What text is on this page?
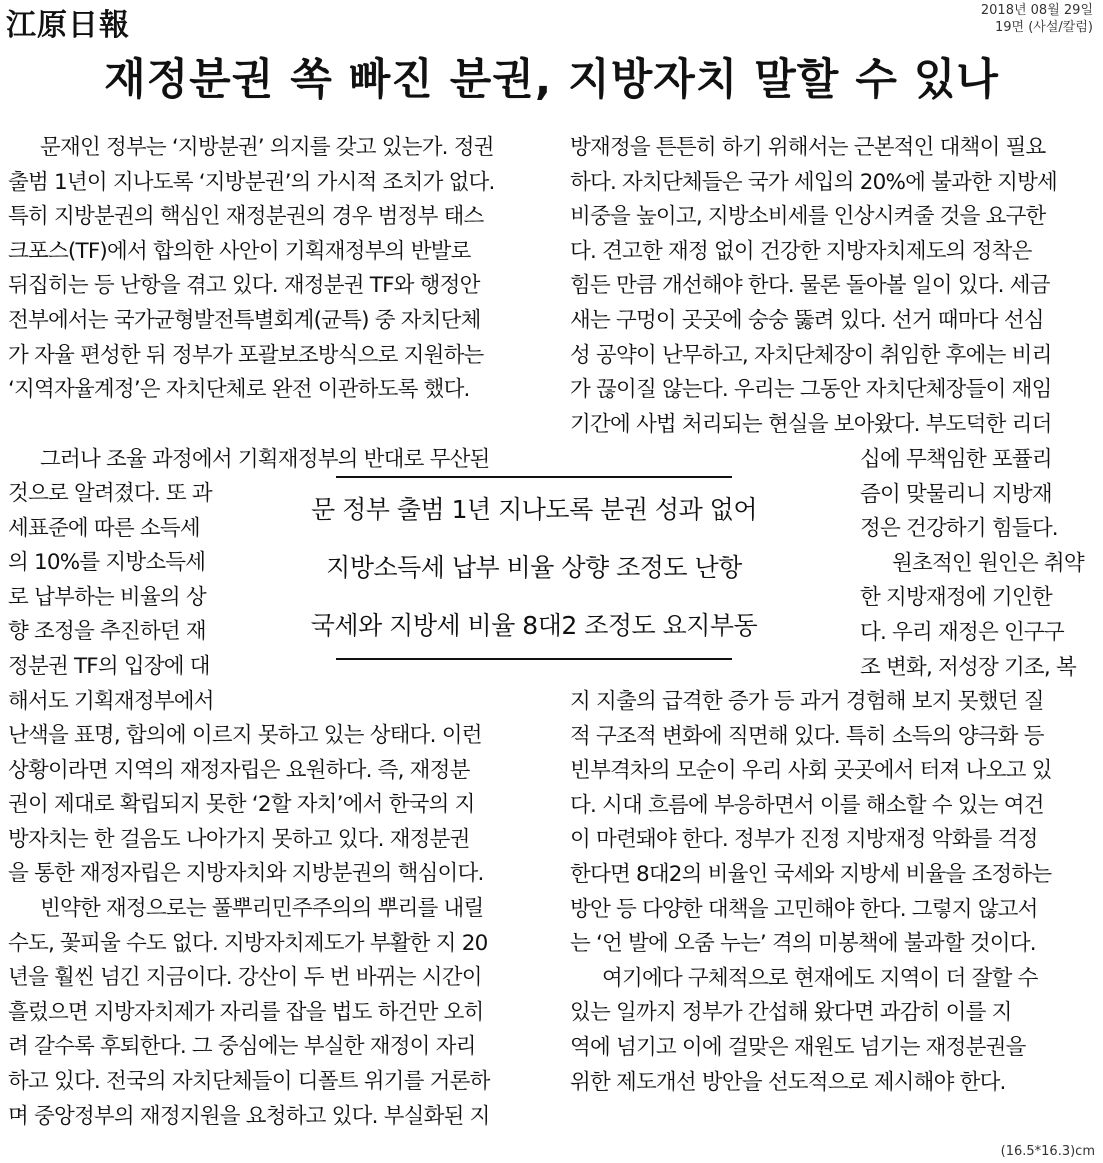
江原日報	2018년 08월 29일
19면 (사설/칼럼)
재정분권 쏙 빠진 분권, 지방자치 말할 수 있나
문재인 정부는 ‘지방분권’ 의지를 갖고 있는가. 정권
출범 1년이 지나도록 ‘지방분권’의 가시적 조치가 없다.
특히 지방분권의 핵심인 재정분권의 경우 범정부 태스
크포스(TF)에서 합의한 사안이 기획재정부의 반발로
뒤집히는 등 난항을 겪고 있다. 재정분권 TF와 행정안
전부에서는 국가균형발전특별회계(균특) 중 자치단체
가 자율 편성한 뒤 정부가 포괄보조방식으로 지원하는
‘지역자율계정’은 자치단체로 완전 이관하도록 했다.
그러나 조율 과정에서 기획재정부의 반대로 무산된
것으로 알려졌다. 또 과
세표준에 따른 소득세
의 10%를 지방소득세
로 납부하는 비율의 상
향 조정을 추진하던 재
정분권 TF의 입장에 대
해서도 기획재정부에서
난색을 표명, 합의에 이르지 못하고 있는 상태다. 이런
상황이라면 지역의 재정자립은 요원하다. 즉, 재정분
권이 제대로 확립되지 못한 ‘2할 자치’에서 한국의 지
방자치는 한 걸음도 나아가지 못하고 있다. 재정분권
을 통한 재정자립은 지방자치와 지방분권의 핵심이다.
빈약한 재정으로는 풀뿌리민주주의의 뿌리를 내릴
수도, 꽃피울 수도 없다. 지방자치제도가 부활한 지 20
년을 훨씬 넘긴 지금이다. 강산이 두 번 바뀌는 시간이
흘렀으면 지방자치제가 자리를 잡을 법도 하건만 오히
려 갈수록 후퇴한다. 그 중심에는 부실한 재정이 자리
하고 있다. 전국의 자치단체들이 디폴트 위기를 거론하
며 중앙정부의 재정지원을 요청하고 있다. 부실화된 지
방재정을 튼튼히 하기 위해서는 근본적인 대책이 필요
하다. 자치단체들은 국가 세입의 20%에 불과한 지방세
비중을 높이고, 지방소비세를 인상시켜줄 것을 요구한
다. 견고한 재정 없이 건강한 지방자치제도의 정착은
힘든 만큼 개선해야 한다. 물론 돌아볼 일이 있다. 세금
새는 구멍이 곳곳에 숭숭 뚫려 있다. 선거 때마다 선심
성 공약이 난무하고, 자치단체장이 취임한 후에는 비리
가 끊이질 않는다. 우리는 그동안 자치단체장들이 재임
기간에 사법 처리되는 현실을 보아왔다. 부도덕한 리더
십에 무책임한 포퓰리
즘이 맞물리니 지방재
정은 건강하기 힘들다.
원초적인 원인은 취약
한 지방재정에 기인한
다. 우리 재정은 인구구
조 변화, 저성장 기조, 복
지 지출의 급격한 증가 등 과거 경험해 보지 못했던 질
적 구조적 변화에 직면해 있다. 특히 소득의 양극화 등
빈부격차의 모순이 우리 사회 곳곳에서 터져 나오고 있
다. 시대 흐름에 부응하면서 이를 해소할 수 있는 여건
이 마련돼야 한다. 정부가 진정 지방재정 악화를 걱정
한다면 8대2의 비율인 국세와 지방세 비율을 조정하는
방안 등 다양한 대책을 고민해야 한다. 그렇지 않고서
는 ‘언 발에 오줌 누는’ 격의 미봉책에 불과할 것이다.
여기에다 구체적으로 현재에도 지역이 더 잘할 수
있는 일까지 정부가 간섭해 왔다면 과감히 이를 지
역에 넘기고 이에 걸맞은 재원도 넘기는 재정분권을
위한 제도개선 방안을 선도적으로 제시해야 한다.
문 정부 출범 1년 지나도록 분권 성과 없어
지방소득세 납부 비율 상향 조정도 난항
국세와 지방세 비율 8대2 조정도 요지부동
(16.5*16.3)cm
